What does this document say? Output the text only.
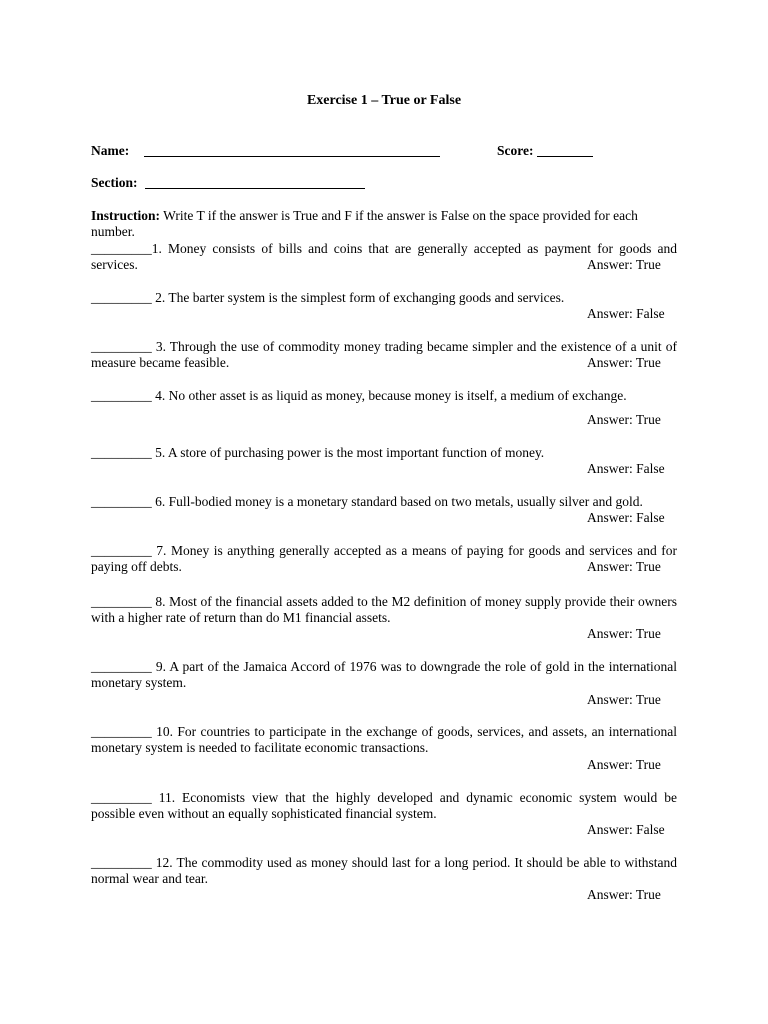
Exercise 1 – True or False
Name:	Score:
Section:
Instruction: Write T if the answer is True and F if the answer is False on the space provided for each number.
_________1. Money consists of bills and coins that are generally accepted as payment for goods and services.	Answer: True
_________ 2. The barter system is the simplest form of exchanging goods and services.
Answer: False
_________ 3. Through the use of commodity money trading became simpler and the existence of a unit of measure became feasible.	Answer: True
_________ 4. No other asset is as liquid as money, because money is itself, a medium of exchange.
Answer: True
_________ 5. A store of purchasing power is the most important function of money.
Answer: False
_________ 6. Full-bodied money is a monetary standard based on two metals, usually silver and gold.
Answer: False
_________ 7. Money is anything generally accepted as a means of paying for goods and services and for paying off debts.	Answer: True
_________ 8. Most of the financial assets added to the M2 definition of money supply provide their owners with a higher rate of return than do M1 financial assets.
Answer: True
_________ 9. A part of the Jamaica Accord of 1976 was to downgrade the role of gold in the international monetary system.
Answer: True
_________ 10. For countries to participate in the exchange of goods, services, and assets, an international monetary system is needed to facilitate economic transactions.
Answer: True
_________ 11. Economists view that the highly developed and dynamic economic system would be possible even without an equally sophisticated financial system.
Answer: False
_________ 12. The commodity used as money should last for a long period. It should be able to withstand normal wear and tear.
Answer: True
